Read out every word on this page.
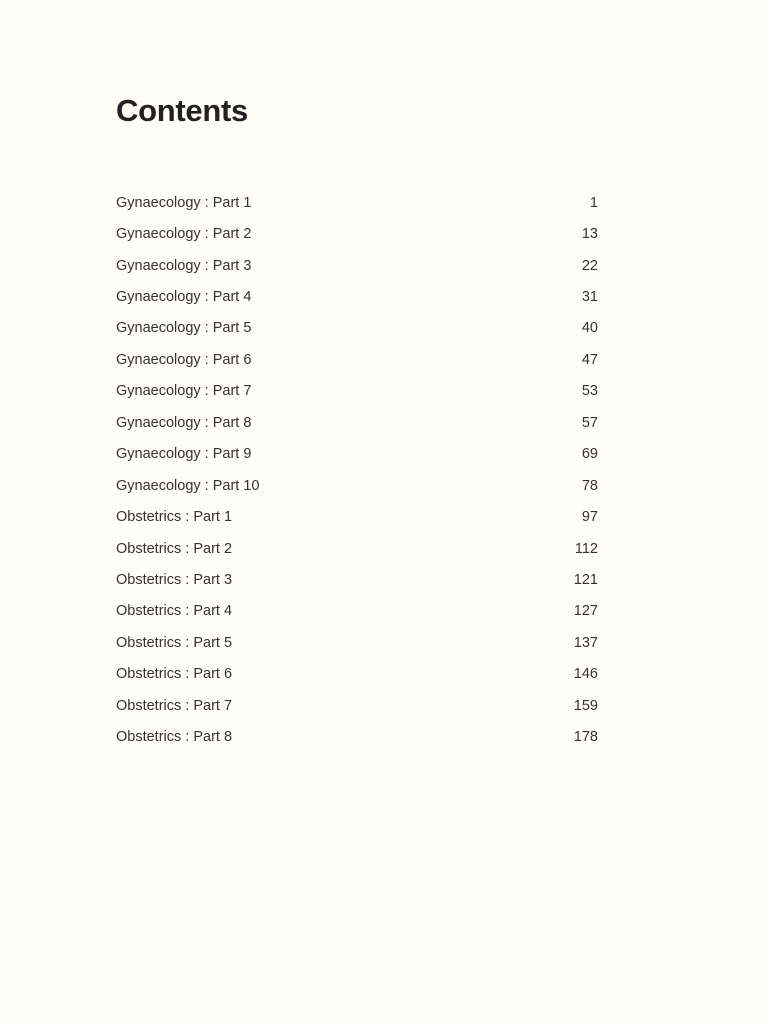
Contents
Gynaecology : Part 1	1
Gynaecology : Part 2	13
Gynaecology : Part 3	22
Gynaecology : Part 4	31
Gynaecology : Part 5	40
Gynaecology : Part 6	47
Gynaecology : Part 7	53
Gynaecology : Part 8	57
Gynaecology : Part 9	69
Gynaecology : Part 10	78
Obstetrics : Part 1	97
Obstetrics : Part 2	112
Obstetrics : Part 3	121
Obstetrics : Part 4	127
Obstetrics : Part 5	137
Obstetrics : Part 6	146
Obstetrics : Part 7	159
Obstetrics : Part 8	178
